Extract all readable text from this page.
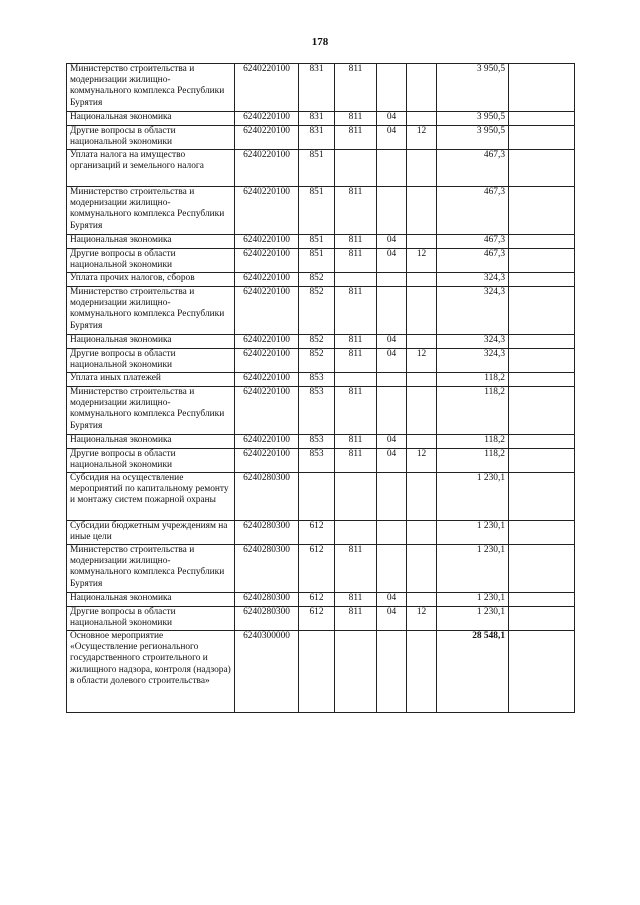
178
Министерство строительства и модернизации жилищно-коммунального комплекса Республики Бурятия	6240220100	831	811			3 950,5	
Национальная экономика	6240220100	831	811	04		3 950,5	
Другие вопросы в области национальной экономики	6240220100	831	811	04	12	3 950,5	
Уплата налога на имущество организаций и земельного налога	6240220100	851				467,3	
Министерство строительства и модернизации жилищно-коммунального комплекса Республики Бурятия	6240220100	851	811			467,3	
Национальная экономика	6240220100	851	811	04		467,3	
Другие вопросы в области национальной экономики	6240220100	851	811	04	12	467,3	
Уплата прочих налогов, сборов	6240220100	852				324,3	
Министерство строительства и модернизации жилищно-коммунального комплекса Республики Бурятия	6240220100	852	811			324,3	
Национальная экономика	6240220100	852	811	04		324,3	
Другие вопросы в области национальной экономики	6240220100	852	811	04	12	324,3	
Уплата иных платежей	6240220100	853				118,2	
Министерство строительства и модернизации жилищно-коммунального комплекса Республики Бурятия	6240220100	853	811			118,2	
Национальная экономика	6240220100	853	811	04		118,2	
Другие вопросы в области национальной экономики	6240220100	853	811	04	12	118,2	
Субсидия на осуществление мероприятий по капитальному ремонту и монтажу систем пожарной охраны	6240280300					1 230,1	
Субсидии бюджетным учреждениям на иные цели	6240280300	612				1 230,1	
Министерство строительства и модернизации жилищно-коммунального комплекса Республики Бурятия	6240280300	612	811			1 230,1	
Национальная экономика	6240280300	612	811	04		1 230,1	
Другие вопросы в области национальной экономики	6240280300	612	811	04	12	1 230,1	
Основное мероприятие «Осуществление регионального государственного строительного и жилищного надзора, контроля (надзора) в области долевого строительства»	6240300000					28 548,1	
